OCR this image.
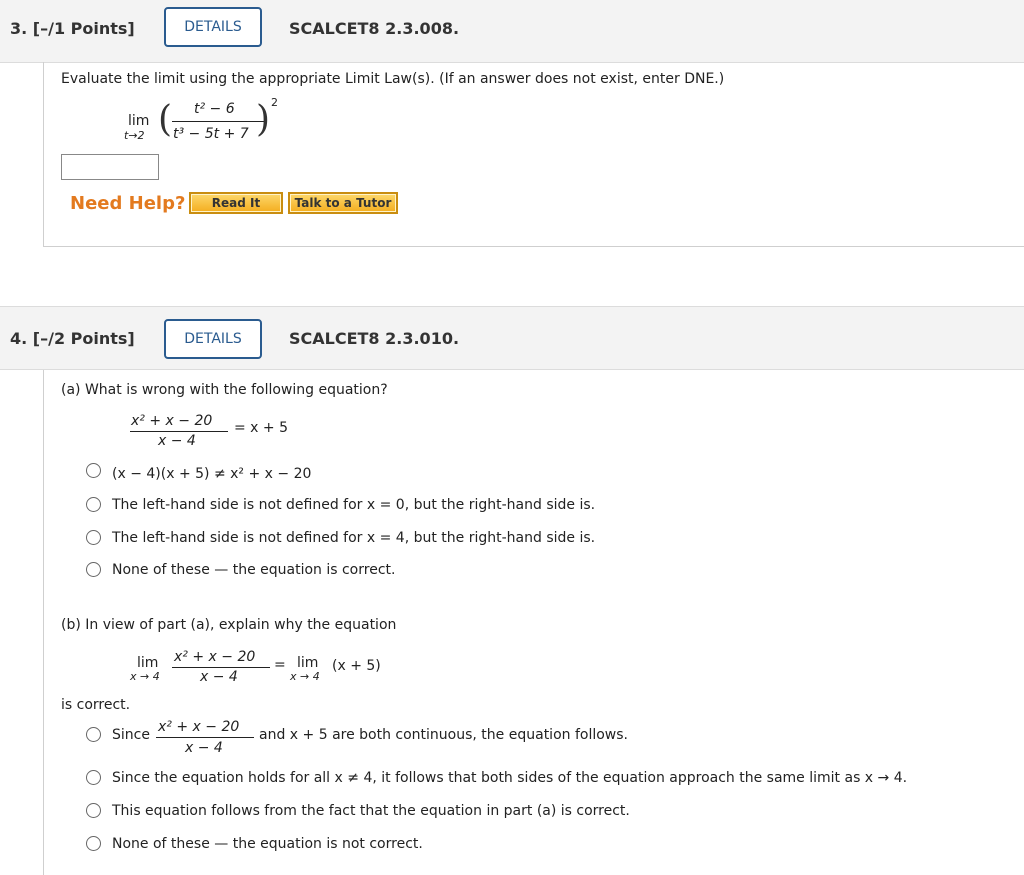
3. [–/1 Points]	DETAILS	SCALCET8 2.3.008.
Evaluate the limit using the appropriate Limit Law(s). (If an answer does not exist, enter DNE.)
lim
t→2 ( t² − 6
t³ − 5t + 7 ) 2
Need Help?	Read It	Talk to a Tutor
4. [–/2 Points]	DETAILS	SCALCET8 2.3.010.
(a) What is wrong with the following equation?
x² + x − 20
x − 4
= x + 5
(x − 4)(x + 5) ≠ x² + x − 20
The left-hand side is not defined for x = 0, but the right-hand side is.
The left-hand side is not defined for x = 4, but the right-hand side is.
None of these — the equation is correct.
(b) In view of part (a), explain why the equation
lim
x → 4
x² + x − 20
x − 4
= lim
x → 4
(x + 5)
is correct.
Since x² + x − 20
x − 4
and x + 5 are both continuous, the equation follows.
Since the equation holds for all x ≠ 4, it follows that both sides of the equation approach the same limit as x → 4.
This equation follows from the fact that the equation in part (a) is correct.
None of these — the equation is not correct.
